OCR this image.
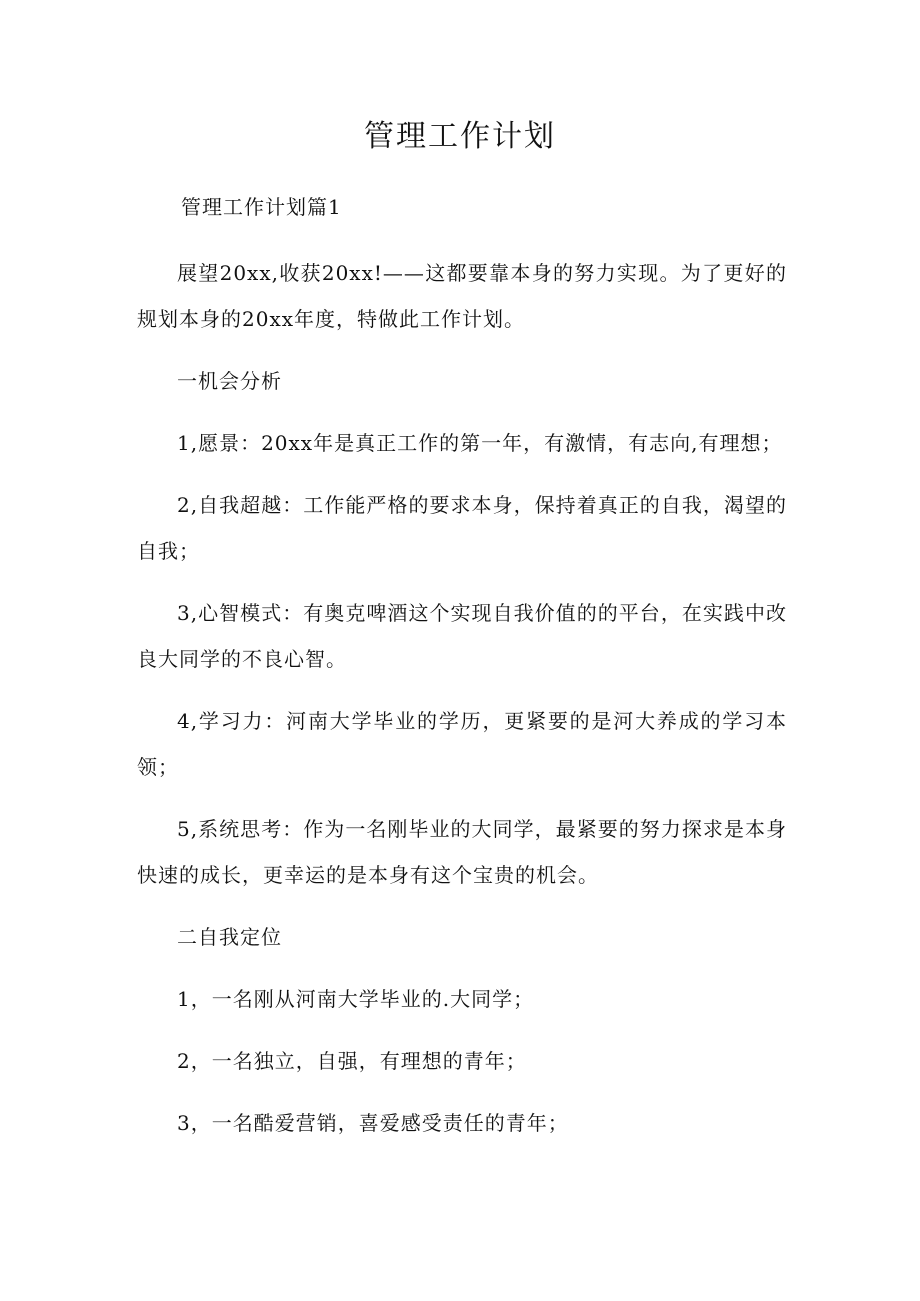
管理工作计划

管理工作计划篇1

展望20xx,收获20xx!——这都要靠本身的努力实现。为了更好的规划本身的20xx年度，特做此工作计划。

一机会分析

1,愿景：20xx年是真正工作的第一年，有激情，有志向,有理想；

2,自我超越：工作能严格的要求本身，保持着真正的自我，渴望的自我；

3,心智模式：有奥克啤酒这个实现自我价值的的平台，在实践中改良大同学的不良心智。

4,学习力：河南大学毕业的学历，更紧要的是河大养成的学习本领；

5,系统思考：作为一名刚毕业的大同学，最紧要的努力探求是本身快速的成长，更幸运的是本身有这个宝贵的机会。

二自我定位

1，一名刚从河南大学毕业的.大同学；

2，一名独立，自强，有理想的青年；

3，一名酷爱营销，喜爱感受责任的青年；
